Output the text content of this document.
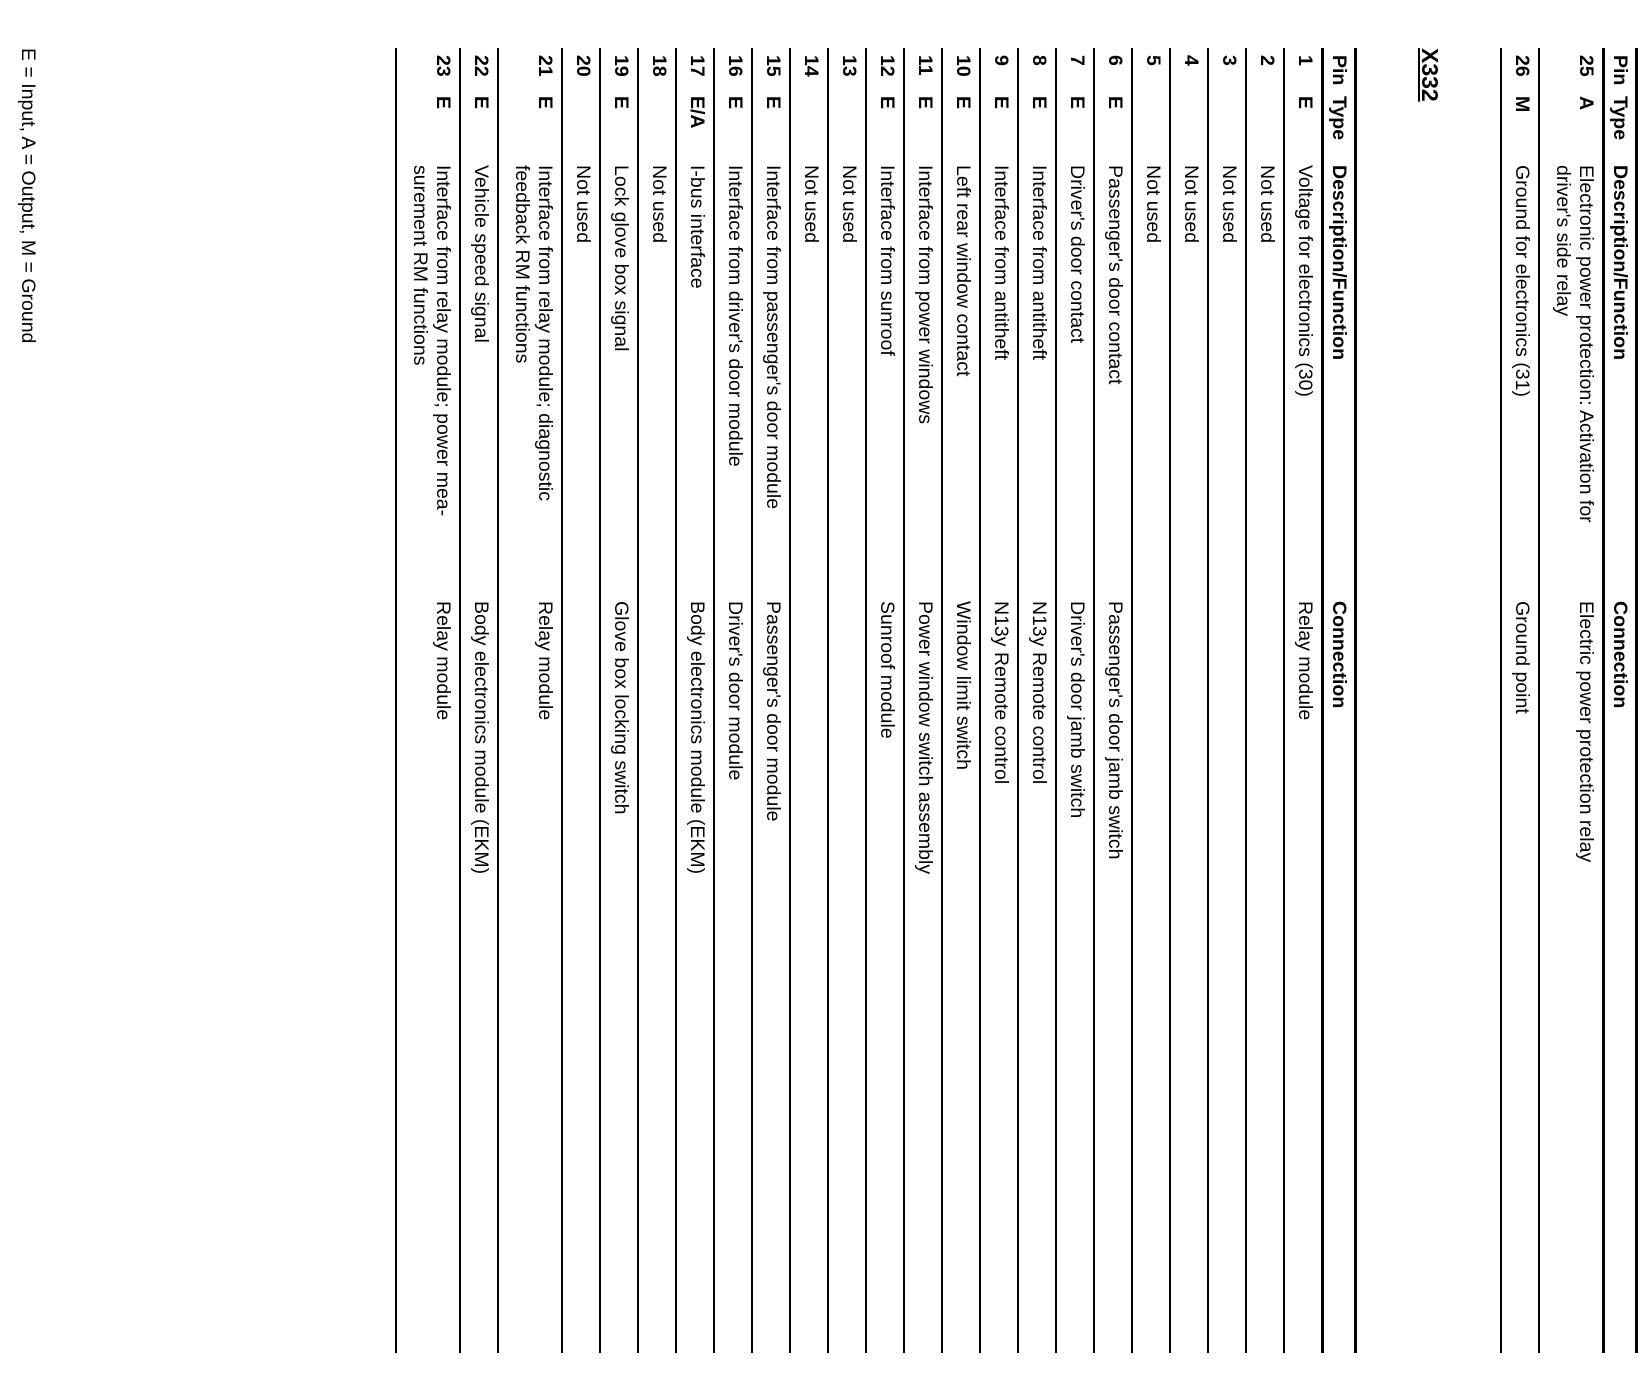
Pin
Type
Description/Function
Connection
25
A
Electric power protection relay
Electronic power protection: Activation for
driver's side relay
26
M
Ground point
Ground for electronics (31)
X332
Pin
Type
Description/Function
Connection
1
E
Relay module
Voltage for electronics (30)
2
Not used
3
Not used
4
Not used
5
Not used
6
E
Passenger's door jamb switch
Passenger's door contact
7
E
Driver's door jamb switch
Driver's door contact
8
E
N13y Remote control
Interface from antitheft
9
E
N13y Remote control
Interface from antitheft
10
E
Window limit switch
Left rear window contact
11
E
Power window switch assembly
Interface from power windows
12
E
Sunroof module
Interface from sunroof
13
Not used
14
Not used
15
E
Passenger's door module
Interface from passenger's door module
16
E
Driver's door module
Interface from driver's door module
17
E/A
Body electronics module (EKM)
I-bus interface
18
Not used
19
E
Glove box locking switch
Lock glove box signal
20
Not used
21
E
Relay module
Interface from relay module; diagnostic
feedback RM functions
22
E
Body electronics module (EKM)
Vehicle speed signal
23
E
Relay module
Interface from relay module; power mea-
surement RM functions
E = Input, A = Output, M = Ground
